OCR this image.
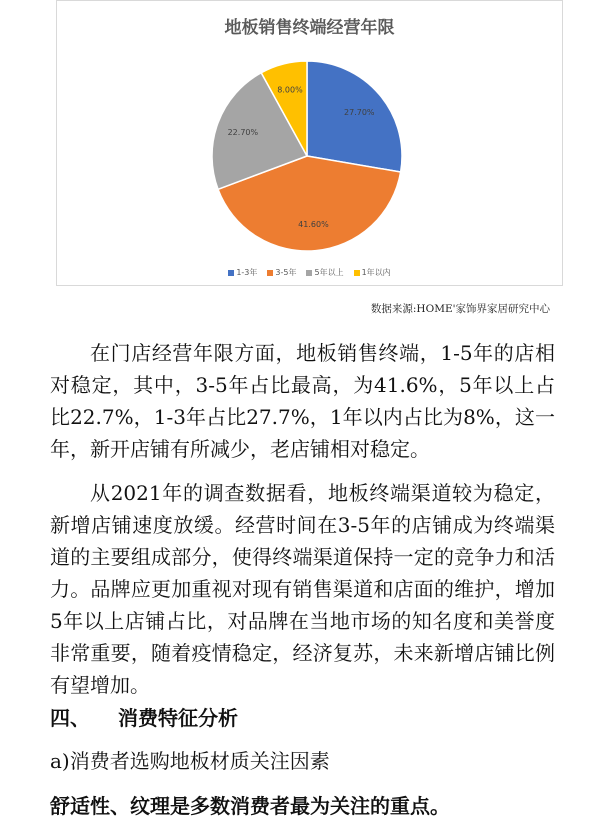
地板销售终端经营年限
27.70%
41.60%
22.70%
8.00%
1-3年 3-5年 5年以上 1年以内
数据来源:HOME'家饰界家居研究中心

在门店经营年限方面，地板销售终端，1-5年的店相对稳定，其中，3-5年占比最高，为41.6%，5年以上占比22.7%，1-3年占比27.7%，1年以内占比为8%，这一年，新开店铺有所减少，老店铺相对稳定。

从2021年的调查数据看，地板终端渠道较为稳定，新增店铺速度放缓。经营时间在3-5年的店铺成为终端渠道的主要组成部分，使得终端渠道保持一定的竞争力和活力。品牌应更加重视对现有销售渠道和店面的维护，增加5年以上店铺占比，对品牌在当地市场的知名度和美誉度非常重要，随着疫情稳定，经济复苏，未来新增店铺比例有望增加。

四、 消费特征分析
a)消费者选购地板材质关注因素
舒适性、纹理是多数消费者最为关注的重点。
